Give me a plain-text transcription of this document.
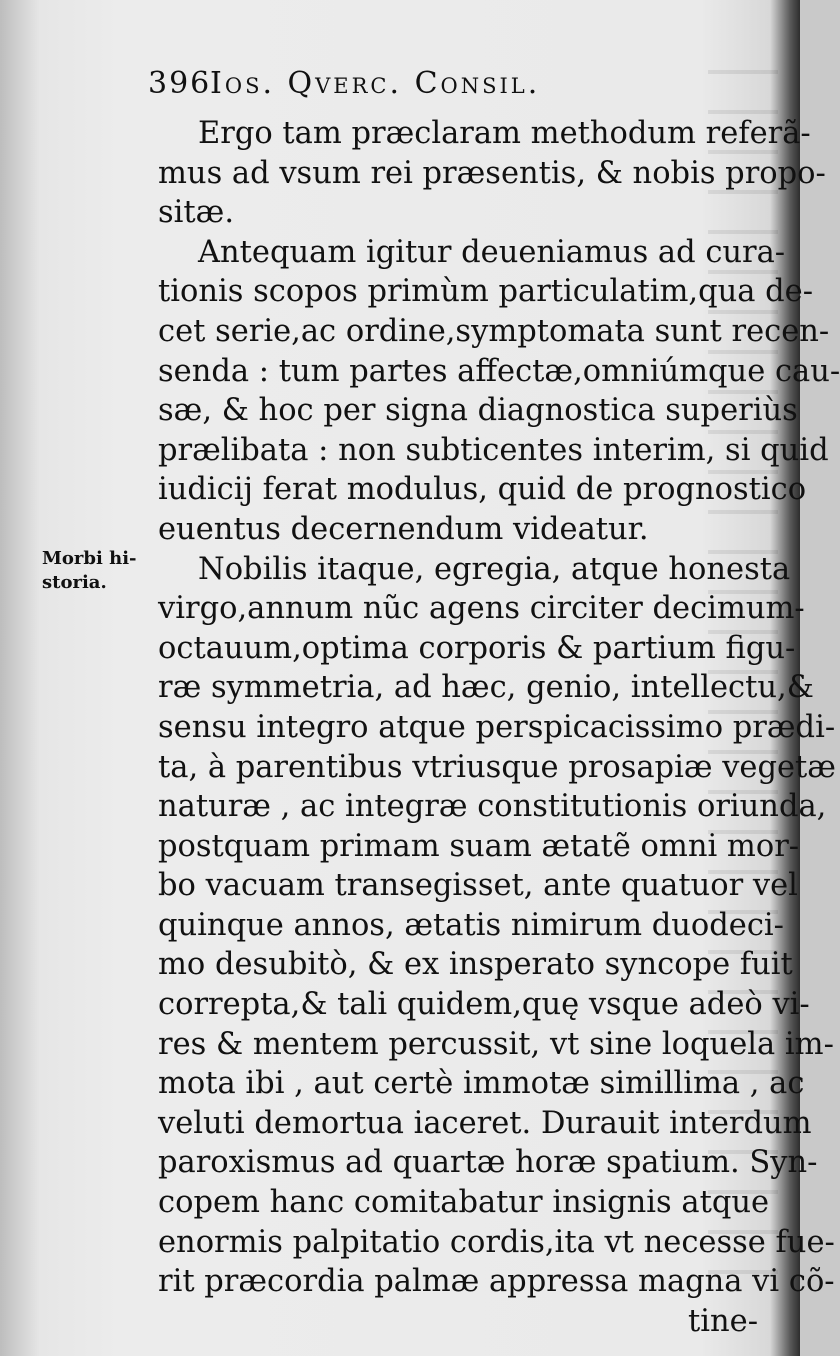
396
Ios. Qverc. Consil.
Morbi hi-
storia.
Ergo tam præclaram methodum referã-
mus ad vsum rei præsentis, & nobis propo-
sitæ.
Antequam igitur deueniamus ad cura-
tionis scopos primùm particulatim,qua de-
cet serie,ac ordine,symptomata sunt recen-
senda : tum partes affectæ,omniúmque cau-
sæ, & hoc per signa diagnostica superiùs
prælibata : non subticentes interim, si quid
iudicij ferat modulus, quid de prognostico
euentus decernendum videatur.
Nobilis itaque, egregia, atque honesta
virgo,annum nũc agens circiter decimum-
octauum,optima corporis & partium figu-
ræ symmetria, ad hæc, genio, intellectu,&
sensu integro atque perspicacissimo prædi-
ta, à parentibus vtriusque prosapiæ vegetæ
naturæ , ac integræ constitutionis oriunda,
postquam primam suam ætatẽ omni mor-
bo vacuam transegisset, ante quatuor vel
quinque annos, ætatis nimirum duodeci-
mo desubitò, & ex insperato syncope fuit
correpta,& tali quidem,quę vsque adeò vi-
res & mentem percussit, vt sine loquela im-
mota ibi , aut certè immotæ simillima , ac
veluti demortua iaceret. Durauit interdum
paroxismus ad quartæ horæ spatium. Syn-
copem hanc comitabatur insignis atque
enormis palpitatio cordis,ita vt necesse fue-
rit præcordia palmæ appressa magna vi cõ-
tine-
